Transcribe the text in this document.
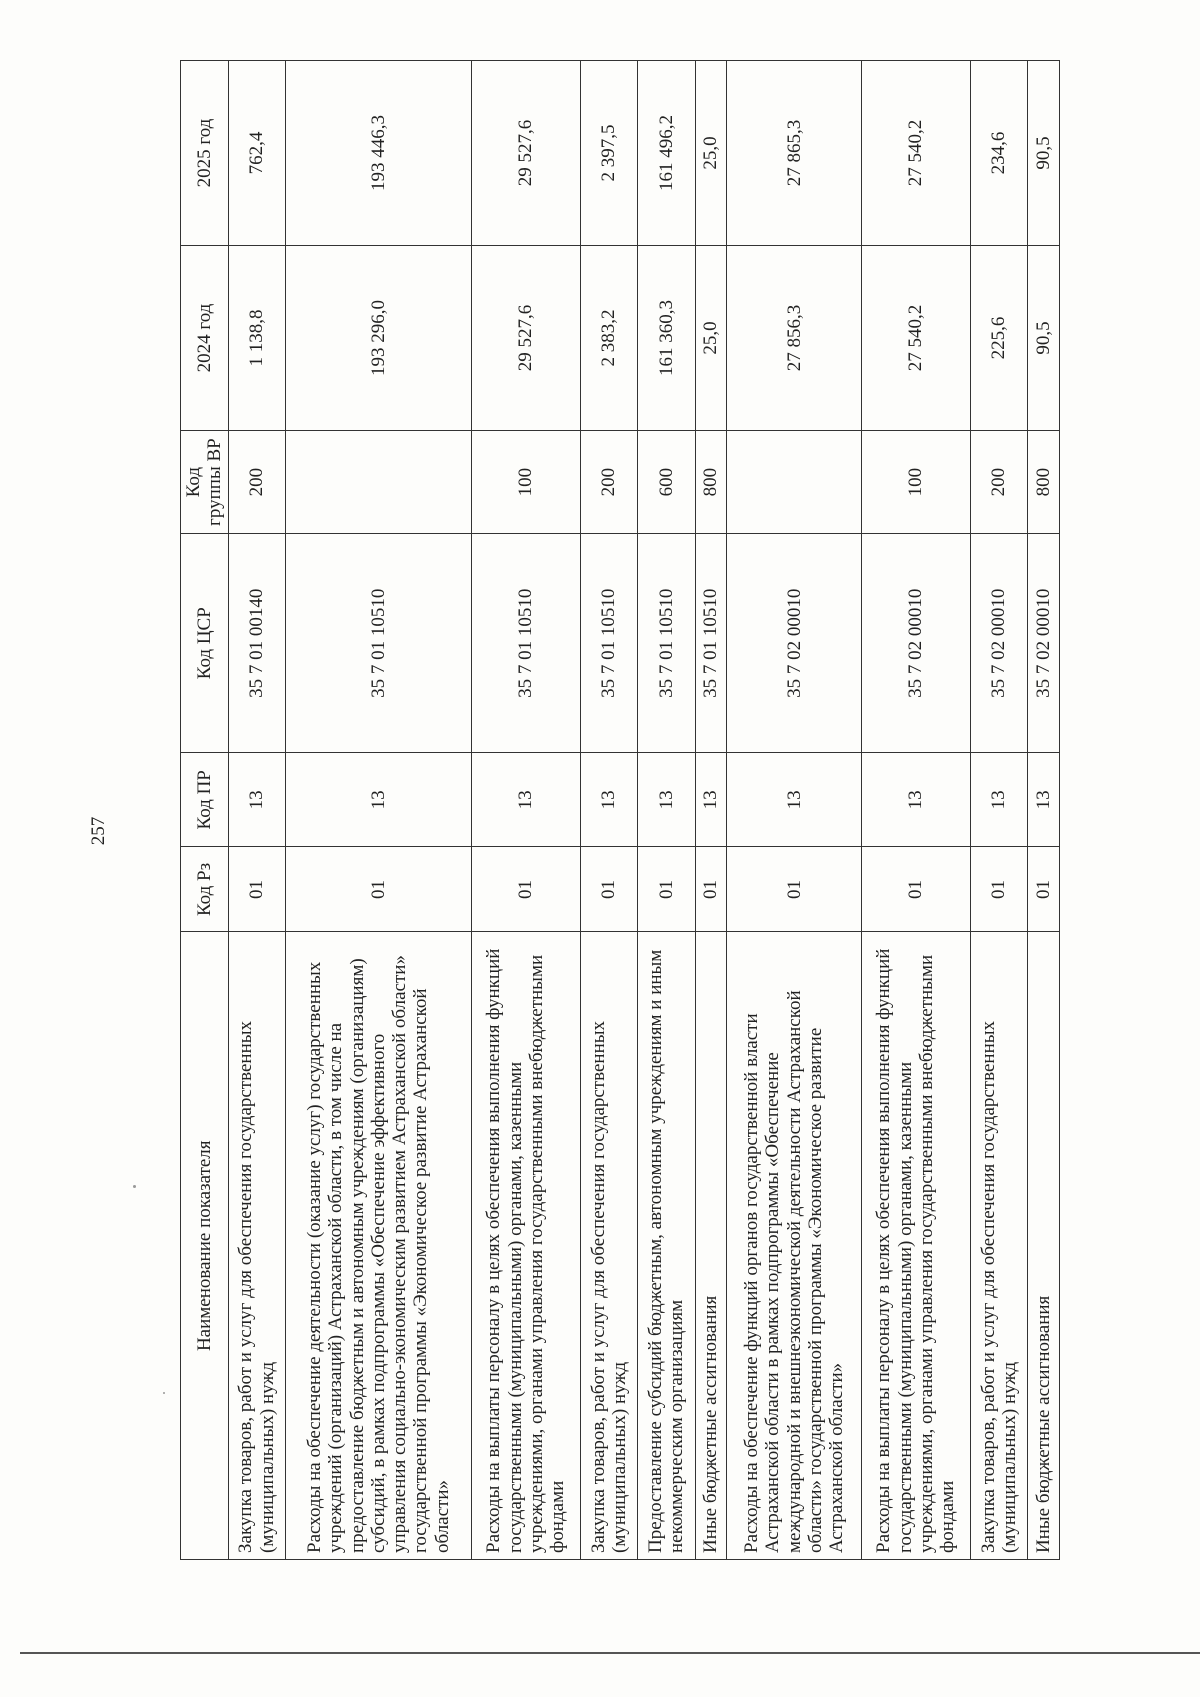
257
Наименование показателя	Код Рз	Код ПР	Код ЦСР	Код группы ВР	2024 год	2025 год
Закупка товаров, работ и услуг для обеспечения государственных (муниципальных) нужд	01	13	35 7 01 00140	200	1 138,8	762,4
Расходы на обеспечение деятельности (оказание услуг) государственных учреждений (организаций) Астраханской области, в том числе на предоставление бюджетным и автономным учреждениям (организациям) субсидий, в рамках подпрограммы «Обеспечение эффективного управления социально-экономическим развитием Астраханской области» государственной программы «Экономическое развитие Астраханской области»	01	13	35 7 01 10510		193 296,0	193 446,3
Расходы на выплаты персоналу в целях обеспечения выполнения функций государственными (муниципальными) органами, казенными учреждениями, органами управления государственными внебюджетными фондами	01	13	35 7 01 10510	100	29 527,6	29 527,6
Закупка товаров, работ и услуг для обеспечения государственных (муниципальных) нужд	01	13	35 7 01 10510	200	2 383,2	2 397,5
Предоставление субсидий бюджетным, автономным учреждениям и иным некоммерческим организациям	01	13	35 7 01 10510	600	161 360,3	161 496,2
Иные бюджетные ассигнования	01	13	35 7 01 10510	800	25,0	25,0
Расходы на обеспечение функций органов государственной власти Астраханской области в рамках подпрограммы «Обеспечение международной и внешнеэкономической деятельности Астраханской области» государственной программы «Экономическое развитие Астраханской области»	01	13	35 7 02 00010		27 856,3	27 865,3
Расходы на выплаты персоналу в целях обеспечения выполнения функций государственными (муниципальными) органами, казенными учреждениями, органами управления государственными внебюджетными фондами	01	13	35 7 02 00010	100	27 540,2	27 540,2
Закупка товаров, работ и услуг для обеспечения государственных (муниципальных) нужд	01	13	35 7 02 00010	200	225,6	234,6
Иные бюджетные ассигнования	01	13	35 7 02 00010	800	90,5	90,5
